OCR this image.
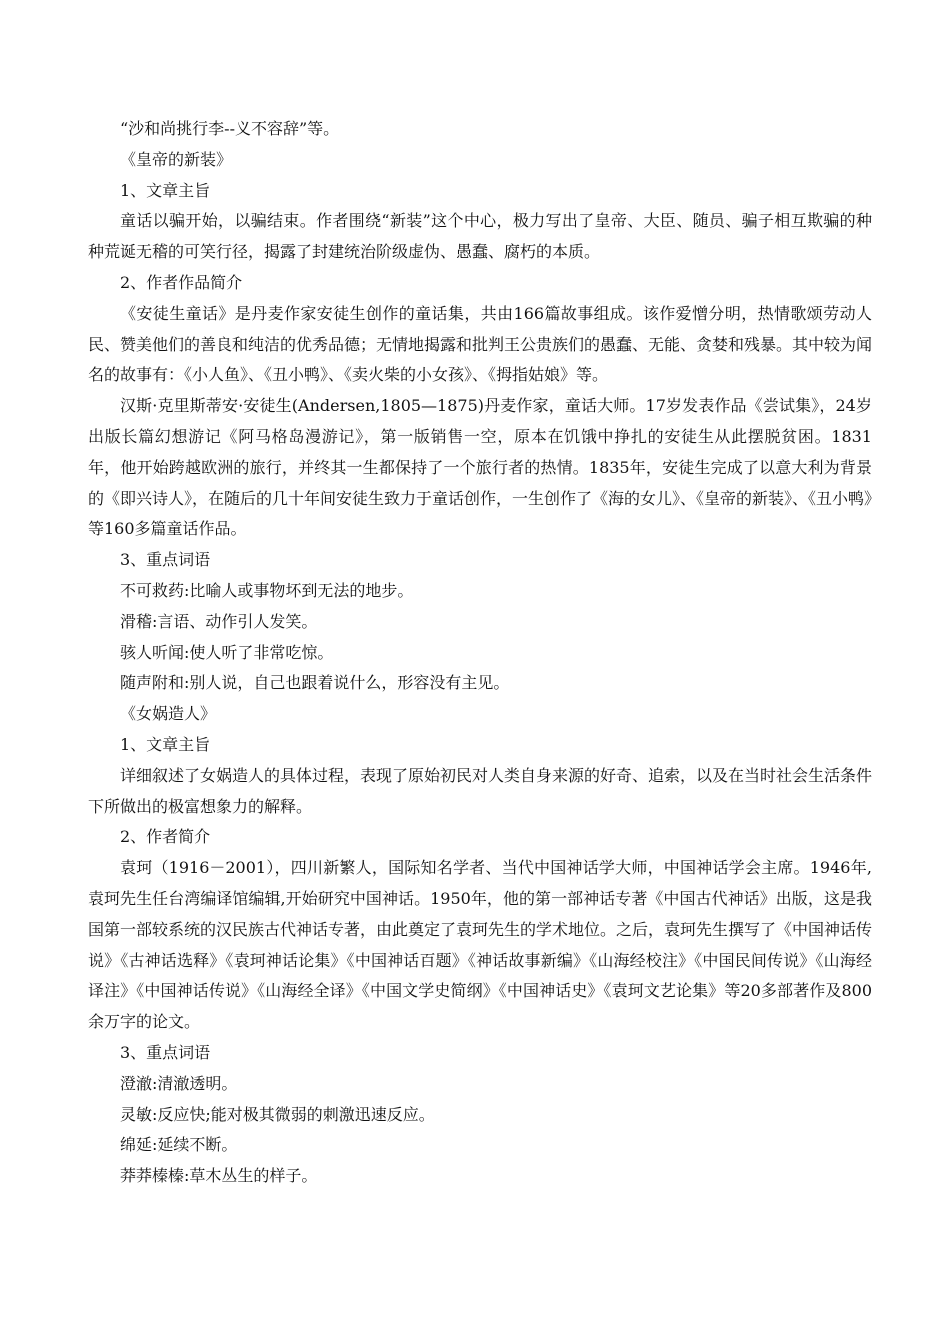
“沙和尚挑行李--义不容辞”等。

《皇帝的新装》

1、文章主旨

童话以骗开始，以骗结束。作者围绕“新装”这个中心，极力写出了皇帝、大臣、随员、骗子相互欺骗的种种荒诞无稽的可笑行径，揭露了封建统治阶级虚伪、愚蠢、腐朽的本质。

2、作者作品简介

《安徒生童话》是丹麦作家安徒生创作的童话集，共由166篇故事组成。该作爱憎分明，热情歌颂劳动人民、赞美他们的善良和纯洁的优秀品德；无情地揭露和批判王公贵族们的愚蠢、无能、贪婪和残暴。其中较为闻名的故事有：《小人鱼》、《丑小鸭》、《卖火柴的小女孩》、《拇指姑娘》等。

汉斯·克里斯蒂安·安徒生(Andersen,1805—1875)丹麦作家，童话大师。17岁发表作品《尝试集》，24岁出版长篇幻想游记《阿马格岛漫游记》，第一版销售一空，原本在饥饿中挣扎的安徒生从此摆脱贫困。1831年，他开始跨越欧洲的旅行，并终其一生都保持了一个旅行者的热情。1835年，安徒生完成了以意大利为背景的《即兴诗人》，在随后的几十年间安徒生致力于童话创作，一生创作了《海的女儿》、《皇帝的新装》、《丑小鸭》等160多篇童话作品。

3、重点词语

不可救药:比喻人或事物坏到无法的地步。

滑稽:言语、动作引人发笑。

骇人听闻:使人听了非常吃惊。

随声附和:别人说，自己也跟着说什么，形容没有主见。

《女娲造人》

1、文章主旨

详细叙述了女娲造人的具体过程，表现了原始初民对人类自身来源的好奇、追索，以及在当时社会生活条件下所做出的极富想象力的解释。

2、作者简介

袁珂（1916－2001），四川新繁人，国际知名学者、当代中国神话学大师，中国神话学会主席。1946年,袁珂先生任台湾编译馆编辑,开始研究中国神话。1950年，他的第一部神话专著《中国古代神话》出版，这是我国第一部较系统的汉民族古代神话专著，由此奠定了袁珂先生的学术地位。之后，袁珂先生撰写了《中国神话传说》《古神话选释》《袁珂神话论集》《中国神话百题》《神话故事新编》《山海经校注》《中国民间传说》《山海经译注》《中国神话传说》《山海经全译》《中国文学史简纲》《中国神话史》《袁珂文艺论集》等20多部著作及800余万字的论文。

3、重点词语

澄澈:清澈透明。

灵敏:反应快;能对极其微弱的刺激迅速反应。

绵延:延续不断。

莽莽榛榛:草木丛生的样子。
